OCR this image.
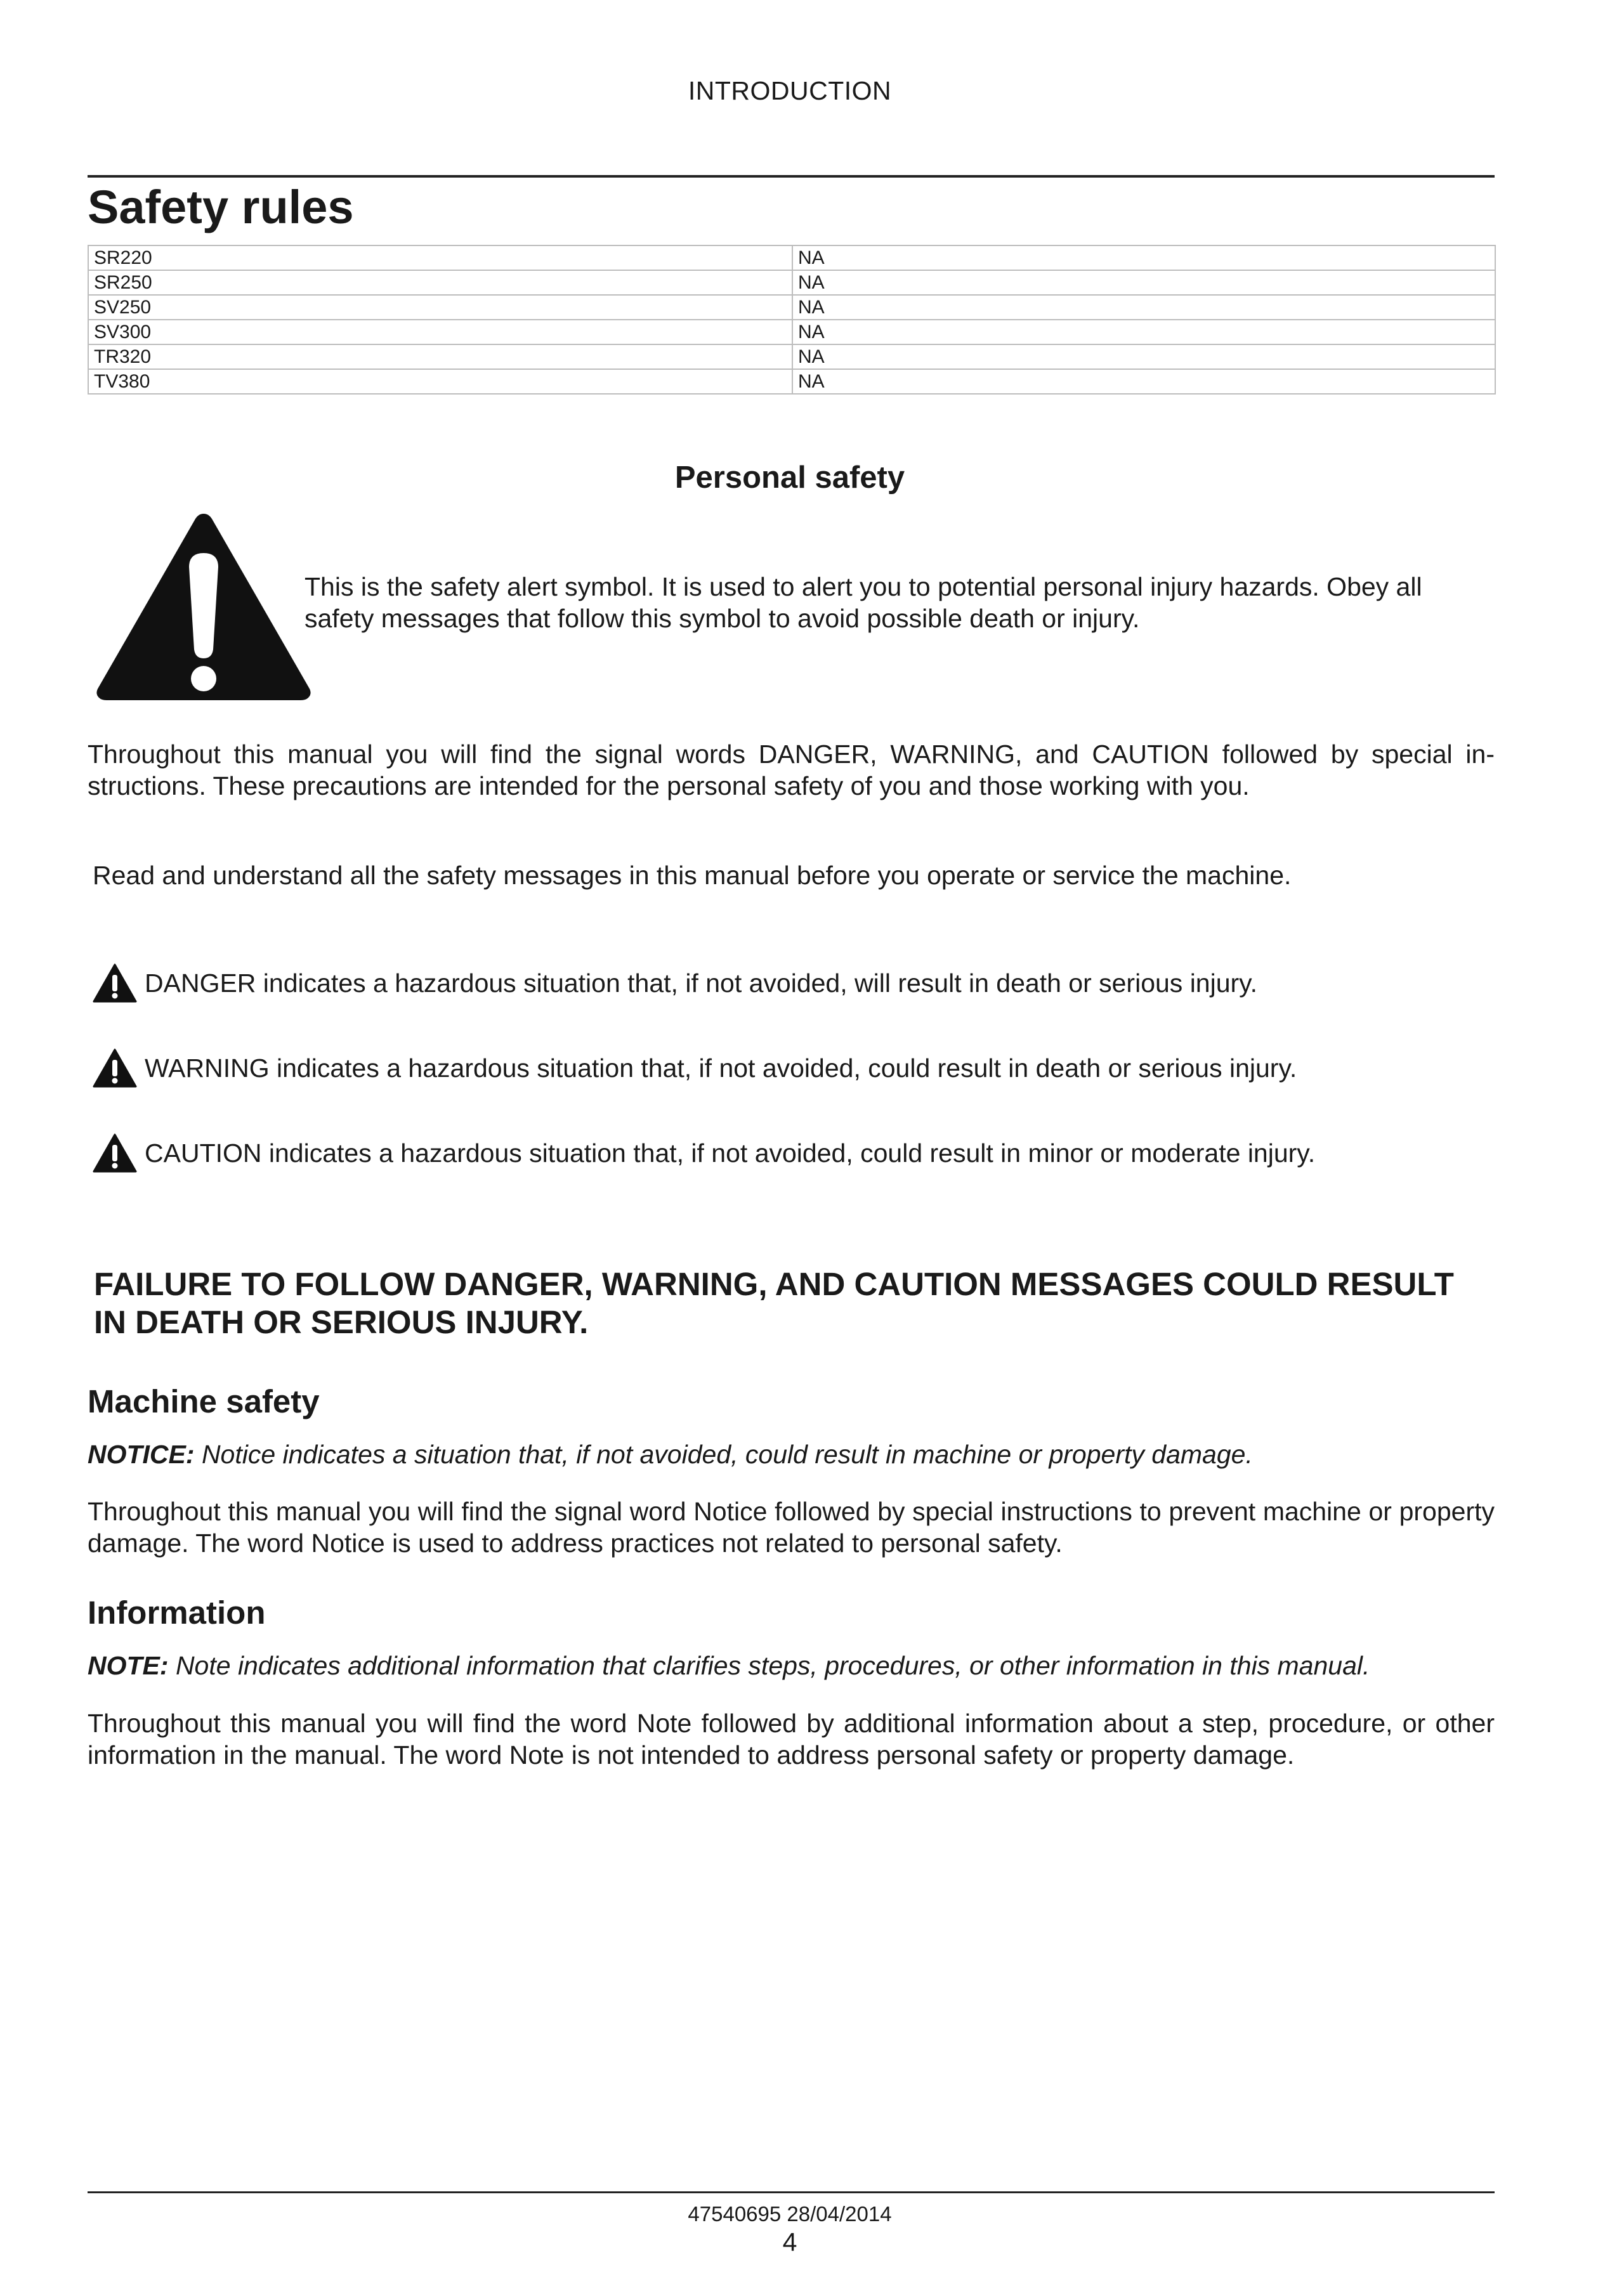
INTRODUCTION
Safety rules
SR220	NA
SR250	NA
SV250	NA
SV300	NA
TR320	NA
TV380	NA
Personal safety
This is the safety alert symbol. It is used to alert you to potential personal injury hazards. Obey all safety messages that follow this symbol to avoid possible death or injury.
Throughout this manual you will find the signal words DANGER, WARNING, and CAUTION followed by special in- structions. These precautions are intended for the personal safety of you and those working with you.
Read and understand all the safety messages in this manual before you operate or service the machine.
DANGER indicates a hazardous situation that, if not avoided, will result in death or serious injury.
WARNING indicates a hazardous situation that, if not avoided, could result in death or serious injury.
CAUTION indicates a hazardous situation that, if not avoided, could result in minor or moderate injury.
FAILURE TO FOLLOW DANGER, WARNING, AND CAUTION MESSAGES COULD RESULT
IN DEATH OR SERIOUS INJURY.
Machine safety
NOTICE: Notice indicates a situation that, if not avoided, could result in machine or property damage.
Throughout this manual you will find the signal word Notice followed by special instructions to prevent machine or property damage. The word Notice is used to address practices not related to personal safety.
Information
NOTE: Note indicates additional information that clarifies steps, procedures, or other information in this manual.
Throughout this manual you will find the word Note followed by additional information about a step, procedure, or other information in the manual. The word Note is not intended to address personal safety or property damage.
47540695 28/04/2014
4
